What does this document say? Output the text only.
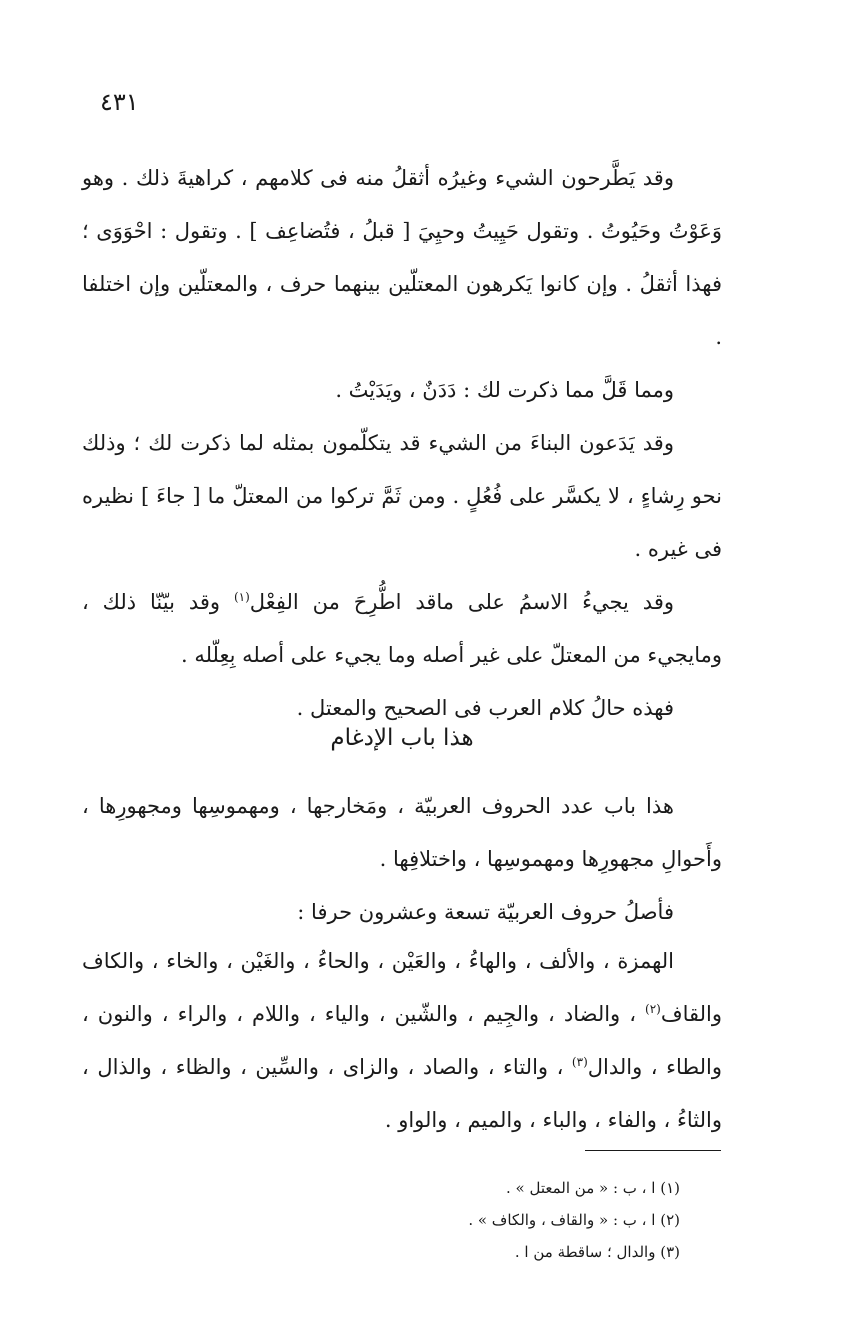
٤٣١

وقد يَطَّرحون الشيء وغيرُه أثقلُ منه فى كلامهم ، كراهيةَ ذلك . وهو وَعَوْتُ وحَيُوتُ . وتقول حَيِيتُ وحيِيَ [ قبلُ ، فتُضاعِف ] . وتقول : احْوَوَى ؛ فهذا أثقلُ . وإن كانوا يَكرهون المعتلّين بينهما حرف ، والمعتلّين وإن اختلفا .

ومما قَلَّ مما ذكرت لك : دَدَنٌ ، ويَدَيْتُ .

وقد يَدَعون البناءَ من الشيء قد يتكلّمون بمثله لما ذكرت لك ؛ وذلك نحو رِشاءٍ ، لا يكسَّر على فُعُلٍ . ومن ثَمَّ تركوا من المعتلّ ما [ جاءَ ] نظيره فى غيره .

وقد يجيءُ الاسمُ على ماقد اطُّرِحَ من الفِعْل$^{(١)}$ وقد بيّنّا ذلك ، ومايجيء من المعتلّ على غير أصله وما يجيء على أصله بِعِلّله .

فهذه حالُ كلام العرب فى الصحيح والمعتل .

هذا باب الإدغام

هذا باب عدد الحروف العربيّة ، ومَخارجها ، ومهموسِها ومجهورِها ، وأَحوالِ مجهورِها ومهموسِها ، واختلافِها .

فأصلُ حروف العربيّة تسعة وعشرون حرفا :

الهمزة ، والألف ، والهاءُ ، والعَيْن ، والحاءُ ، والغَيْن ، والخاء ، والكاف والقاف$^{(٢)}$ ، والضاد ، والجِيم ، والشّين ، والياء ، واللام ، والراء ، والنون ، والطاء ، والدال$^{(٣)}$ ، والتاء ، والصاد ، والزاى ، والسِّين ، والظاء ، والذال ، والثاءُ ، والفاء ، والباء ، والميم ، والواو .

(١) ا ، ب : « من المعتل » .
(٢) ا ، ب : « والقاف ، والكاف » .
(٣) والدال ؛ ساقطة من ا .
